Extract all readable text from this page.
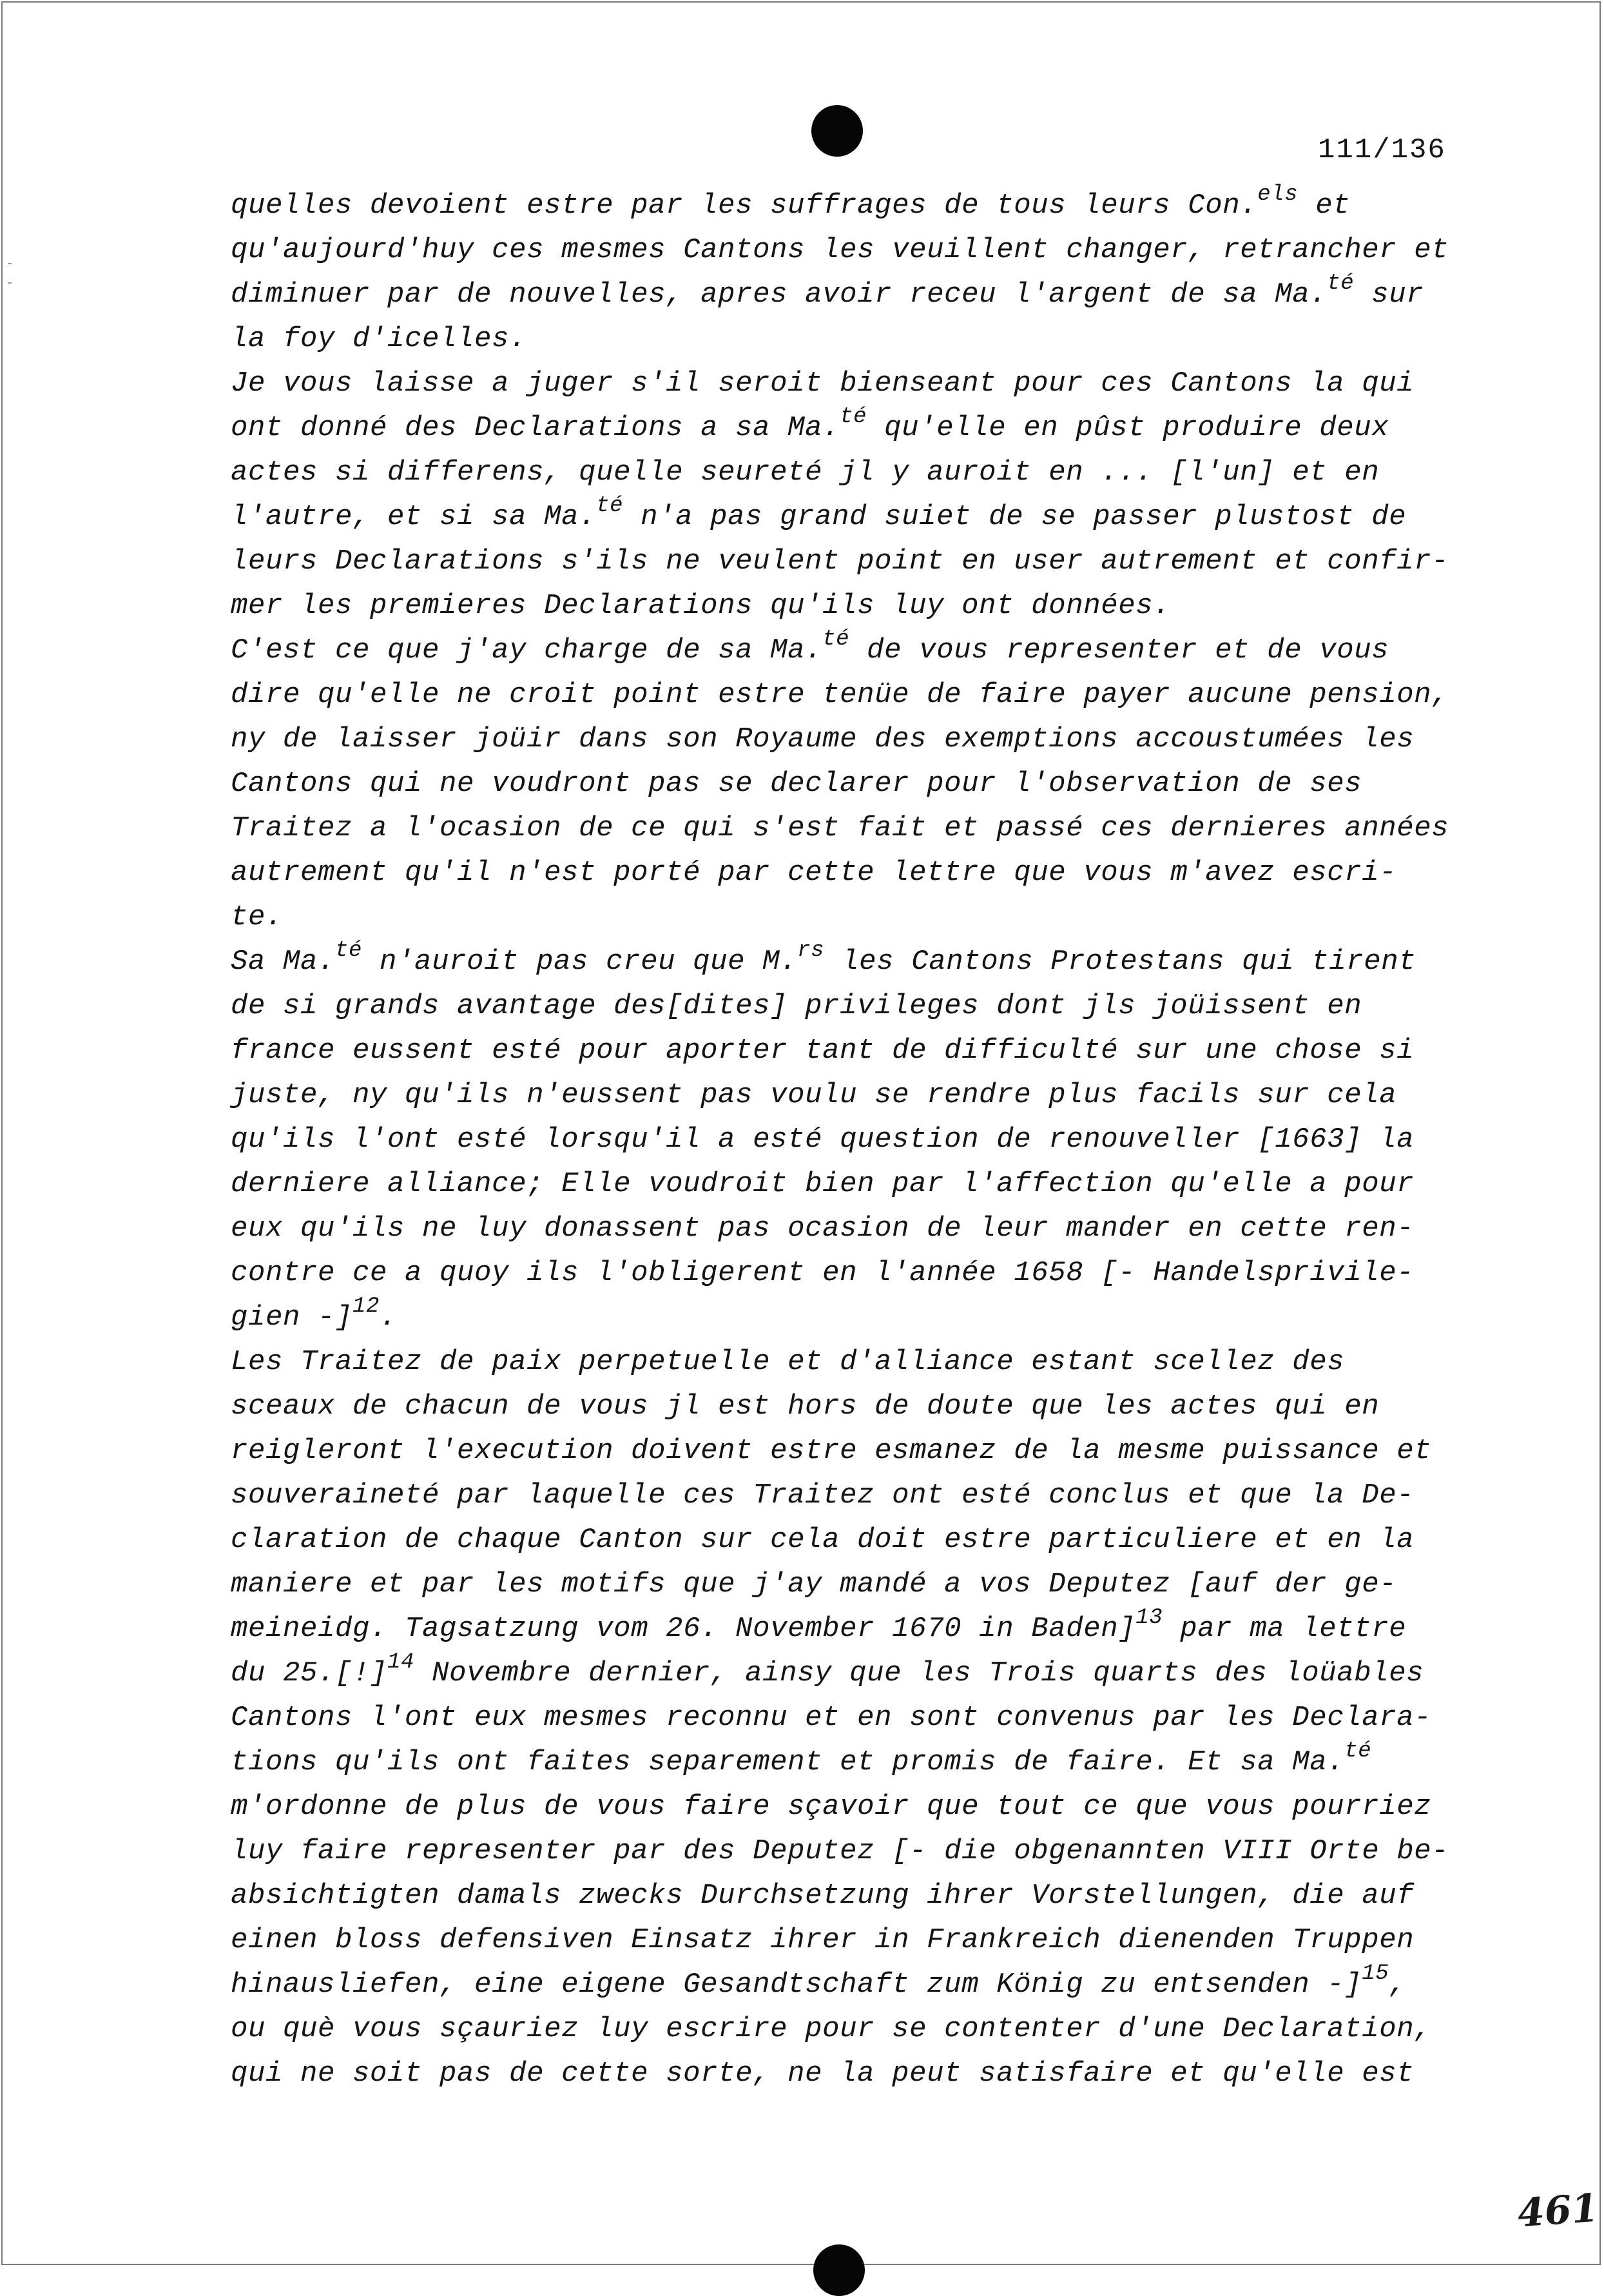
111/136
quelles devoient estre par les suffrages de tous leurs Con.$^{els}$ et
qu'aujourd'huy ces mesmes Cantons les veuillent changer, retrancher et
diminuer par de nouvelles, apres avoir receu l'argent de sa Ma.$^{té}$ sur
la foy d'icelles.
Je vous laisse a juger s'il seroit bienseant pour ces Cantons la qui
ont donné des Declarations a sa Ma.$^{té}$ qu'elle en pûst produire deux
actes si differens, quelle seureté jl y auroit en ... [l'un] et en
l'autre, et si sa Ma.$^{té}$ n'a pas grand suiet de se passer plustost de
leurs Declarations s'ils ne veulent point en user autrement et confir-
mer les premieres Declarations qu'ils luy ont données.
C'est ce que j'ay charge de sa Ma.$^{té}$ de vous representer et de vous
dire qu'elle ne croit point estre tenüe de faire payer aucune pension,
ny de laisser joüir dans son Royaume des exemptions accoustumées les
Cantons qui ne voudront pas se declarer pour l'observation de ses
Traitez a l'ocasion de ce qui s'est fait et passé ces dernieres années
autrement qu'il n'est porté par cette lettre que vous m'avez escri-
te.
Sa Ma.$^{té}$ n'auroit pas creu que M.$^{rs}$ les Cantons Protestans qui tirent
de si grands avantage des[dites] privileges dont jls joüissent en
france eussent esté pour aporter tant de difficulté sur une chose si
juste, ny qu'ils n'eussent pas voulu se rendre plus facils sur cela
qu'ils l'ont esté lorsqu'il a esté question de renouveller [1663] la
derniere alliance; Elle voudroit bien par l'affection qu'elle a pour
eux qu'ils ne luy donassent pas ocasion de leur mander en cette ren-
contre ce a quoy ils l'obligerent en l'année 1658 [- Handelsprivile-
gien -]$^{12}$.
Les Traitez de paix perpetuelle et d'alliance estant scellez des
sceaux de chacun de vous jl est hors de doute que les actes qui en
reigleront l'execution doivent estre esmanez de la mesme puissance et
souveraineté par laquelle ces Traitez ont esté conclus et que la De-
claration de chaque Canton sur cela doit estre particuliere et en la
maniere et par les motifs que j'ay mandé a vos Deputez [auf der ge-
meineidg. Tagsatzung vom 26. November 1670 in Baden]$^{13}$ par ma lettre
du 25.[!]$^{14}$ Novembre dernier, ainsy que les Trois quarts des loüables
Cantons l'ont eux mesmes reconnu et en sont convenus par les Declara-
tions qu'ils ont faites separement et promis de faire. Et sa Ma.$^{té}$
m'ordonne de plus de vous faire sçavoir que tout ce que vous pourriez
luy faire representer par des Deputez [- die obgenannten VIII Orte be-
absichtigten damals zwecks Durchsetzung ihrer Vorstellungen, die auf
einen bloss defensiven Einsatz ihrer in Frankreich dienenden Truppen
hinausliefen, eine eigene Gesandtschaft zum König zu entsenden -]$^{15}$,
ou què vous sçauriez luy escrire pour se contenter d'une Declaration,
qui ne soit pas de cette sorte, ne la peut satisfaire et qu'elle est
461
